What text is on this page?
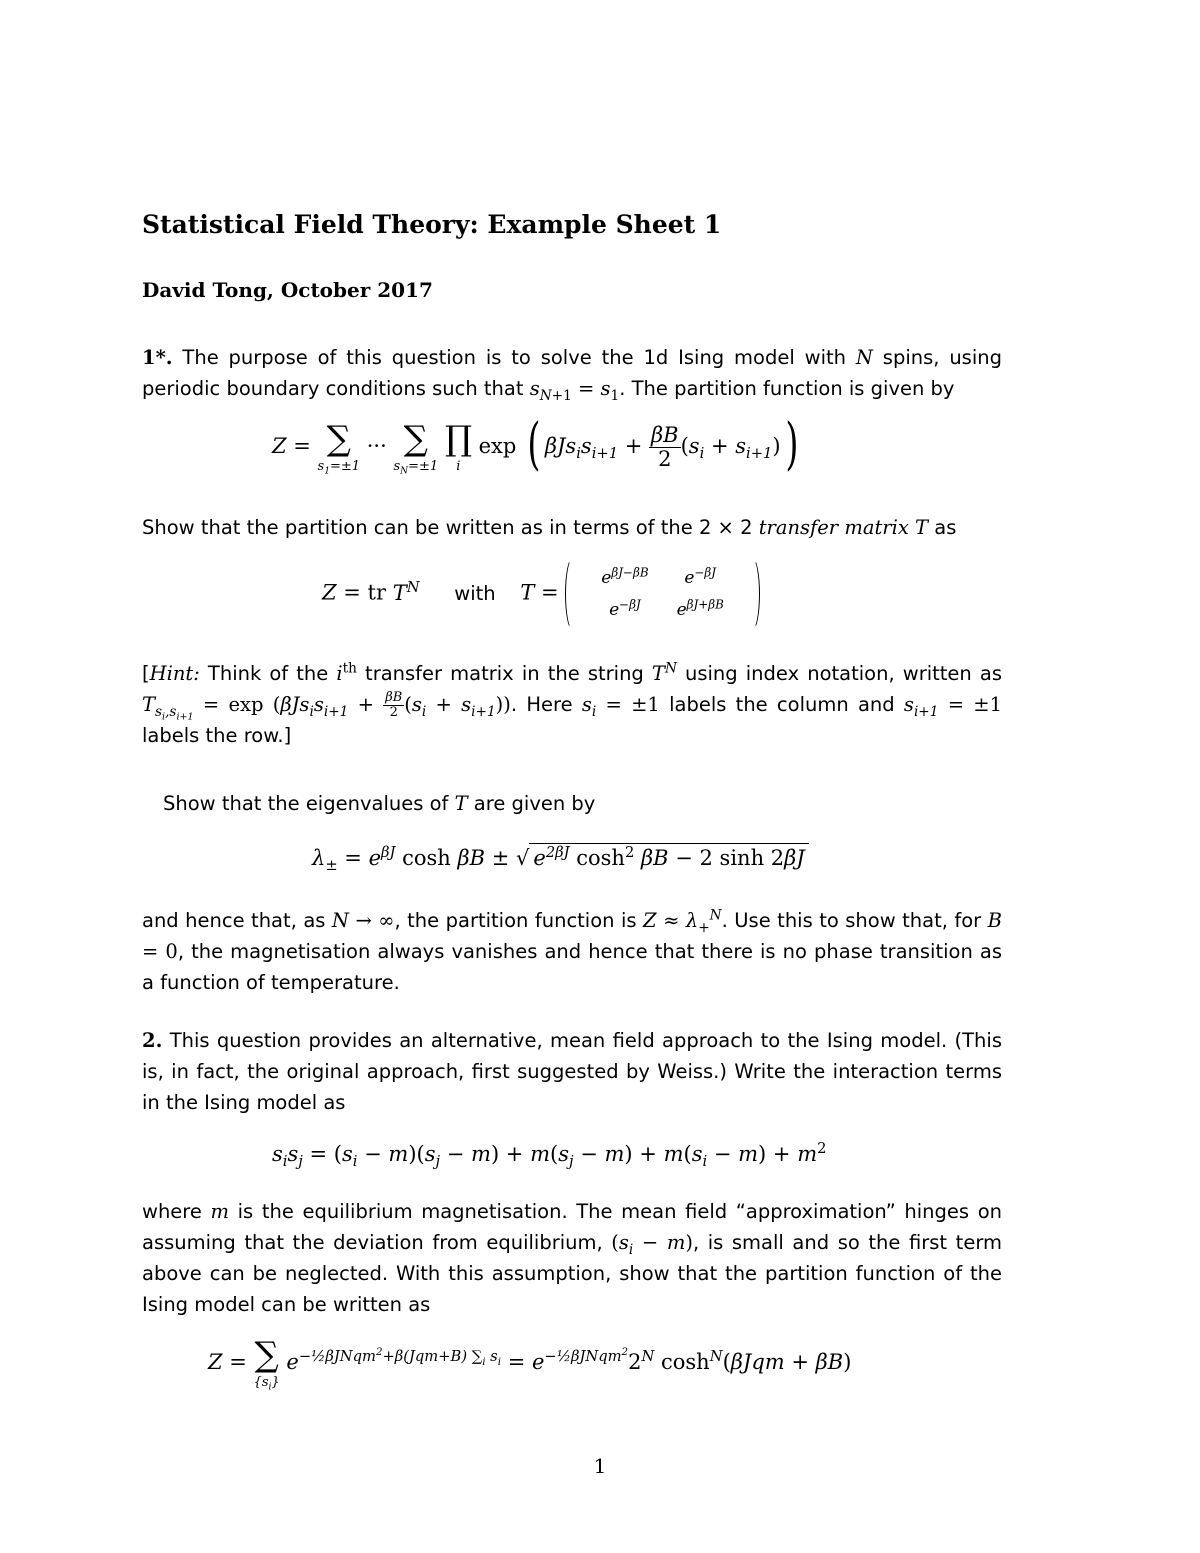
Statistical Field Theory: Example Sheet 1
David Tong, October 2017
1*. The purpose of this question is to solve the 1d Ising model with N spins, using periodic boundary conditions such that $s_{N+1} = s_1$. The partition function is given by
Z = ∑
$s_1=\pm 1$
··· ∑
$s_N=\pm 1$
∏
i
exp ( $\beta Js_is_{i+1} + \frac{\beta B}{2} (s_i + s_{i+1})$)
Show that the partition can be written as in terms of the 2 × 2 transfer matrix T as
Z = tr $T^N$ with T =
$e^{\beta J-\beta B}$	$e^{-\beta J}$
$e^{-\beta J}$	$e^{\beta J+\beta B}$
[Hint: Think of the $i^{th}$ transfer matrix in the string $T^N$ using index notation, written as $T_{s_i,s_{i+1}} = \exp (\beta Js_is_{i+1} + \frac{\beta B}{2} (s_i + s_{i+1}))$. Here $s_i = \pm 1$ labels the column and $s_{i+1} = \pm 1$ labels the row.]
Show that the eigenvalues of T are given by
$\lambda_\pm = e^{\beta J}$ cosh βB ± √ $e^{2\beta J}$ $\cosh^2 \beta B - 2$ sinh 2βJ
and hence that, as N → ∞, the partition function is $Z \approx \lambda_+^N$. Use this to show that, for B = 0, the magnetisation always vanishes and hence that there is no phase transition as a function of temperature.
2. This question provides an alternative, mean field approach to the Ising model. (This is, in fact, the original approach, first suggested by Weiss.) Write the interaction terms in the Ising model as
$s_is_j = (s_i - m)(s_j - m) + m(s_j - m) + m(s_i - m) + m^2$
where m is the equilibrium magnetisation. The mean field “approximation” hinges on assuming that the deviation from equilibrium, $(s_i - m)$, is small and so the first term above can be neglected. With this assumption, show that the partition function of the Ising model can be written as
Z = ∑
$\{s_i\}$
$e^{-\frac{1}{2}\beta JNqm^2+\beta(Jqm+B) \sum_i s_i} = e^{-\frac{1}{2}\beta JNqm^2}2^N$ $\cosh^N(\beta Jqm + \beta B)$
1
